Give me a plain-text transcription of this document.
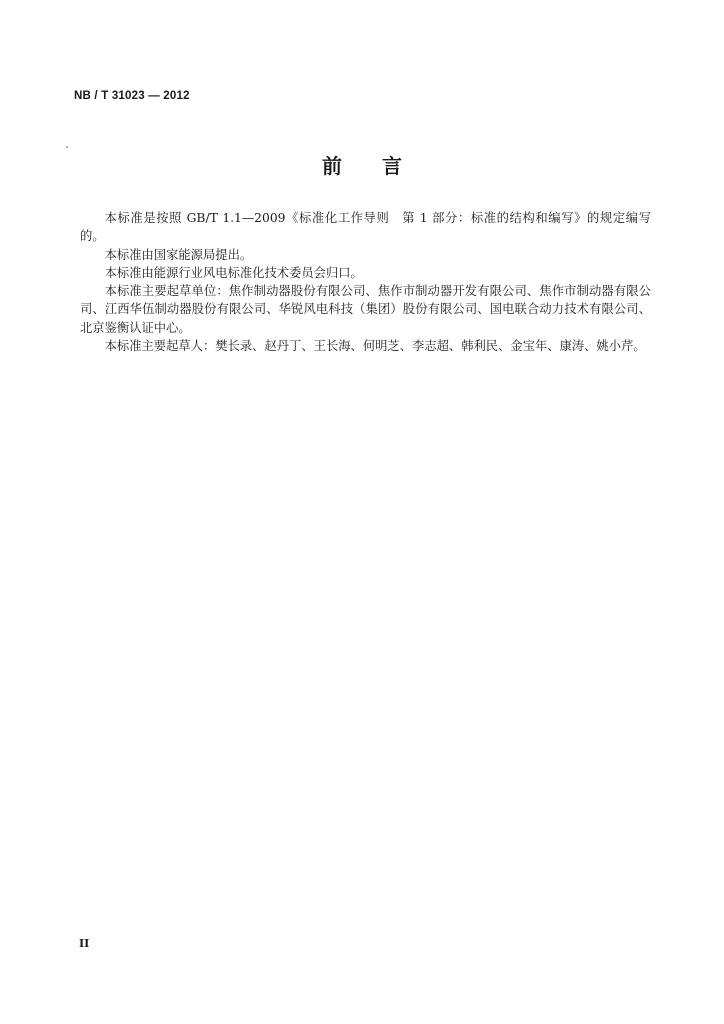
NB / T 31023 — 2012
前言

本标准是按照 GB/T 1.1—2009《标准化工作导则　第 1 部分：标准的结构和编写》的规定编写的。

本标准由国家能源局提出。

本标准由能源行业风电标准化技术委员会归口。

本标准主要起草单位：焦作制动器股份有限公司、焦作市制动器开发有限公司、焦作市制动器有限公司、江西华伍制动器股份有限公司、华锐风电科技（集团）股份有限公司、国电联合动力技术有限公司、北京鉴衡认证中心。

本标准主要起草人：樊长录、赵丹丁、王长海、何明芝、李志超、韩利民、金宝年、康涛、姚小芹。

II
